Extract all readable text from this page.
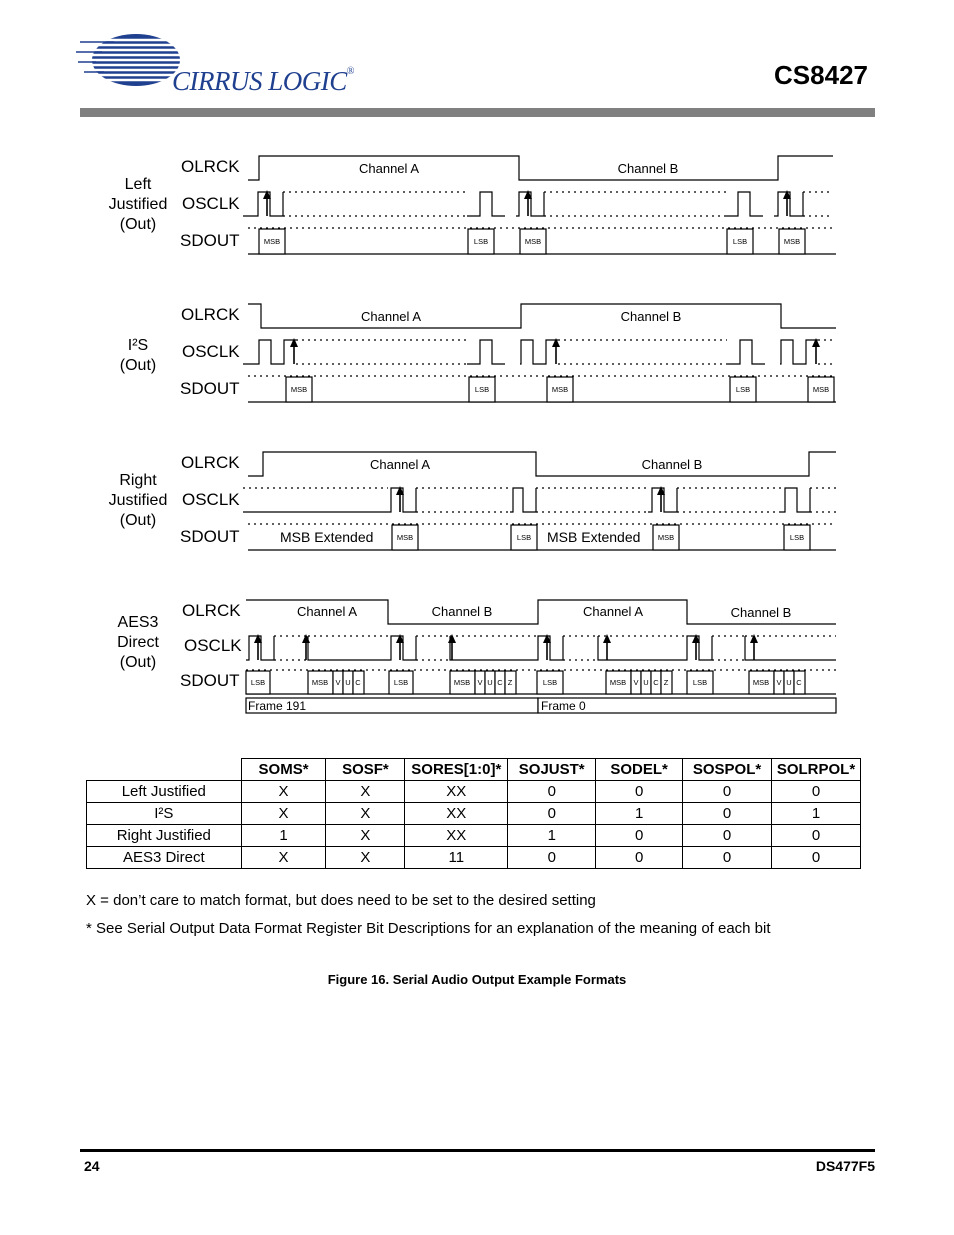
CIRRUS LOGIC®	CS8427
Channel A	Channel B
Channel A	Channel B
Channel A	Channel B
Channel A	Channel B	Channel A	Channel B
MSB Extended	MSB Extended
MSB	LSB	MSB	LSB	MSB
MSB	LSB	MSB	LSB	MSB
MSB	LSB	MSB	LSB
LSB	MSB V U C	LSB	MSB V U C Z	LSB	MSB V U C Z	LSB	MSB V U C
Frame 191	Frame 0
Left
Justified
(Out)
I²S
(Out)
Right
Justified
(Out)
AES3
Direct
(Out)
OLRCK
OSCLK
SDOUT
OLRCK
OSCLK
SDOUT
OLRCK
OSCLK
SDOUT
OLRCK
OSCLK
SDOUT
	SOMS*	SOSF*	SORES[1:0]*	SOJUST*	SODEL*	SOSPOL*	SOLRPOL*
Left Justified	X	X	XX	0	0	0	0
I²S	X	X	XX	0	1	0	1
Right Justified	1	X	XX	1	0	0	0
AES3 Direct	X	X	11	0	0	0	0
X = don’t care to match format, but does need to be set to the desired setting
* See Serial Output Data Format Register Bit Descriptions for an explanation of the meaning of each bit
Figure 16. Serial Audio Output Example Formats
24	DS477F5
